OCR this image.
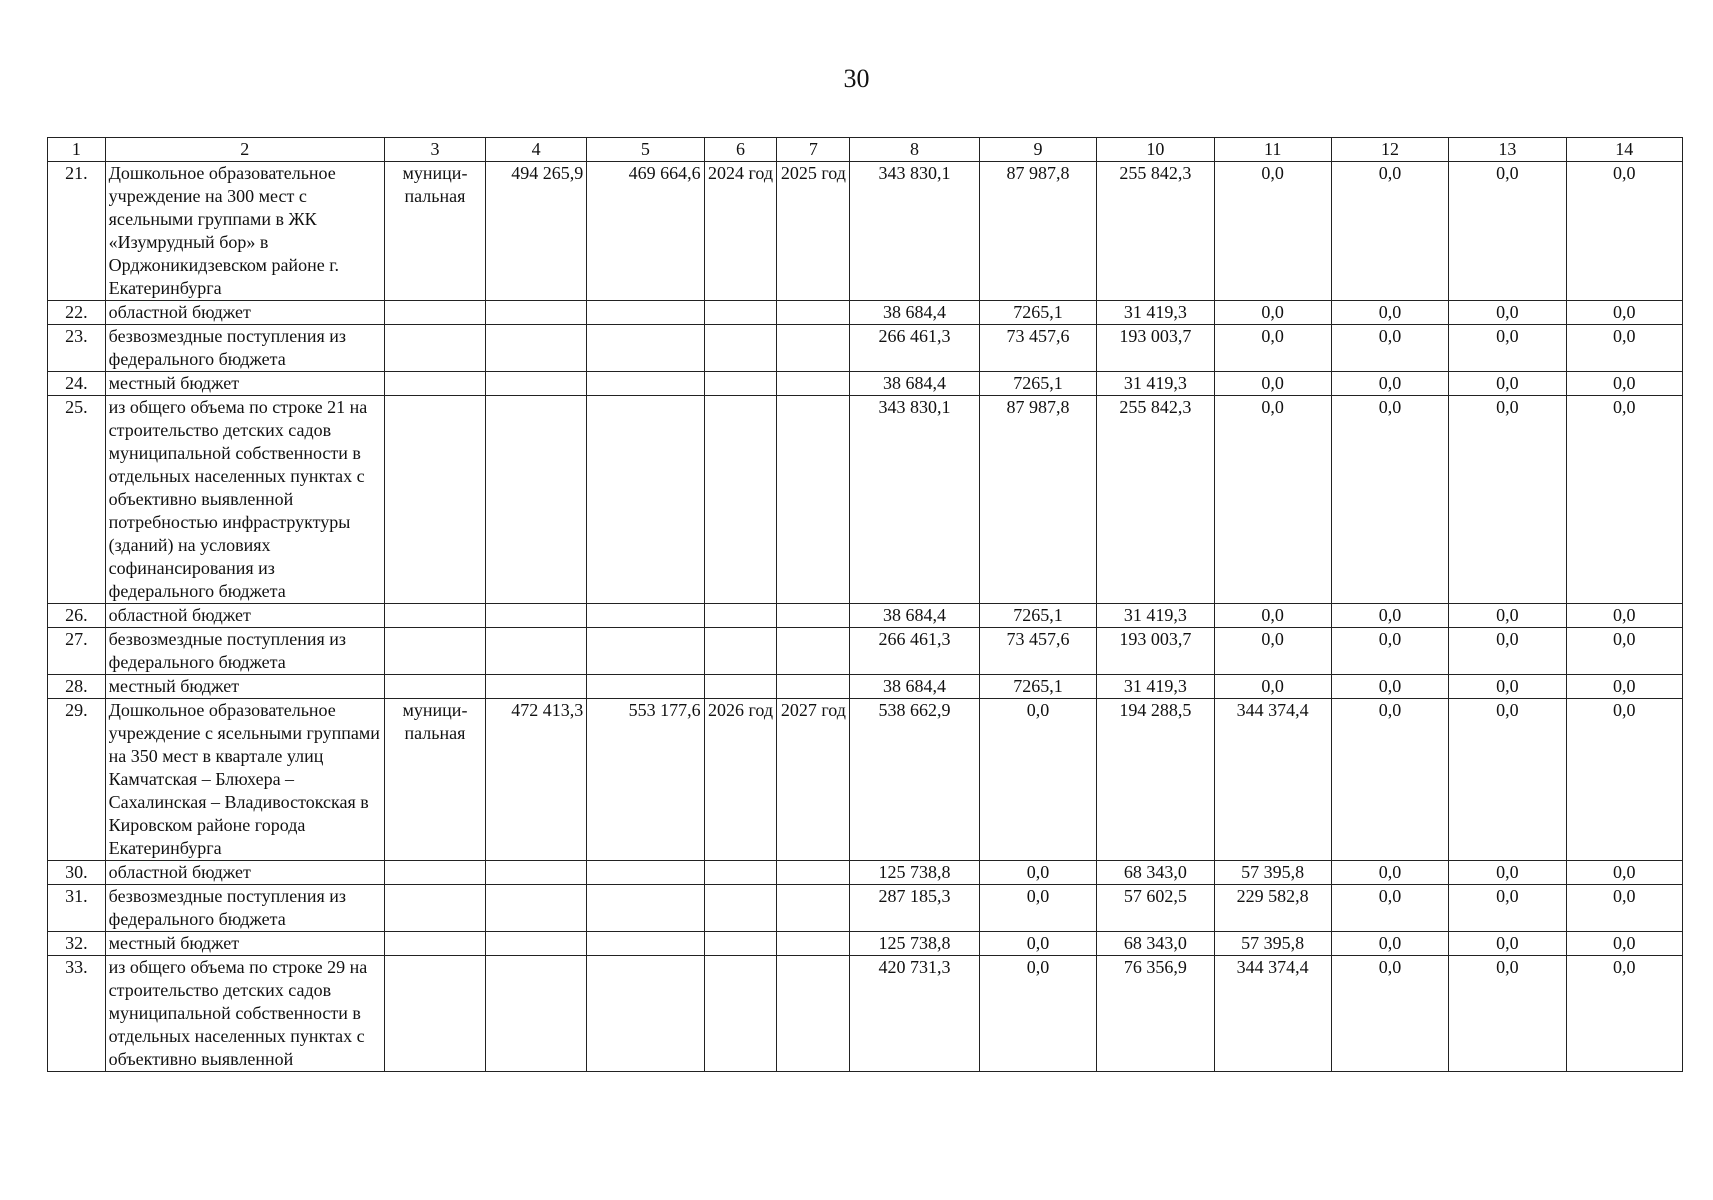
30
1	2	3	4	5	6	7	8	9	10	11	12	13	14
21.	Дошкольное образовательное учреждение на 300 мест с ясельными группами в ЖК «Изумрудный бор» в Орджоникидзевском районе г. Екатеринбурга	муници-пальная	494 265,9	469 664,6	2024 год	2025 год	343 830,1	87 987,8	255 842,3	0,0	0,0	0,0	0,0
22.	областной бюджет						38 684,4	7265,1	31 419,3	0,0	0,0	0,0	0,0
23.	безвозмездные поступления из федерального бюджета						266 461,3	73 457,6	193 003,7	0,0	0,0	0,0	0,0
24.	местный бюджет						38 684,4	7265,1	31 419,3	0,0	0,0	0,0	0,0
25.	из общего объема по строке 21 на строительство детских садов муниципальной собственности в отдельных населенных пунктах с объективно выявленной потребностью инфраструктуры (зданий) на условиях софинансирования из федерального бюджета						343 830,1	87 987,8	255 842,3	0,0	0,0	0,0	0,0
26.	областной бюджет						38 684,4	7265,1	31 419,3	0,0	0,0	0,0	0,0
27.	безвозмездные поступления из федерального бюджета						266 461,3	73 457,6	193 003,7	0,0	0,0	0,0	0,0
28.	местный бюджет						38 684,4	7265,1	31 419,3	0,0	0,0	0,0	0,0
29.	Дошкольное образовательное учреждение с ясельными группами на 350 мест в квартале улиц Камчатская – Блюхера – Сахалинская – Владивостокская в Кировском районе города Екатеринбурга	муници-пальная	472 413,3	553 177,6	2026 год	2027 год	538 662,9	0,0	194 288,5	344 374,4	0,0	0,0	0,0
30.	областной бюджет						125 738,8	0,0	68 343,0	57 395,8	0,0	0,0	0,0
31.	безвозмездные поступления из федерального бюджета						287 185,3	0,0	57 602,5	229 582,8	0,0	0,0	0,0
32.	местный бюджет						125 738,8	0,0	68 343,0	57 395,8	0,0	0,0	0,0
33.	из общего объема по строке 29 на строительство детских садов муниципальной собственности в отдельных населенных пунктах с объективно выявленной						420 731,3	0,0	76 356,9	344 374,4	0,0	0,0	0,0
